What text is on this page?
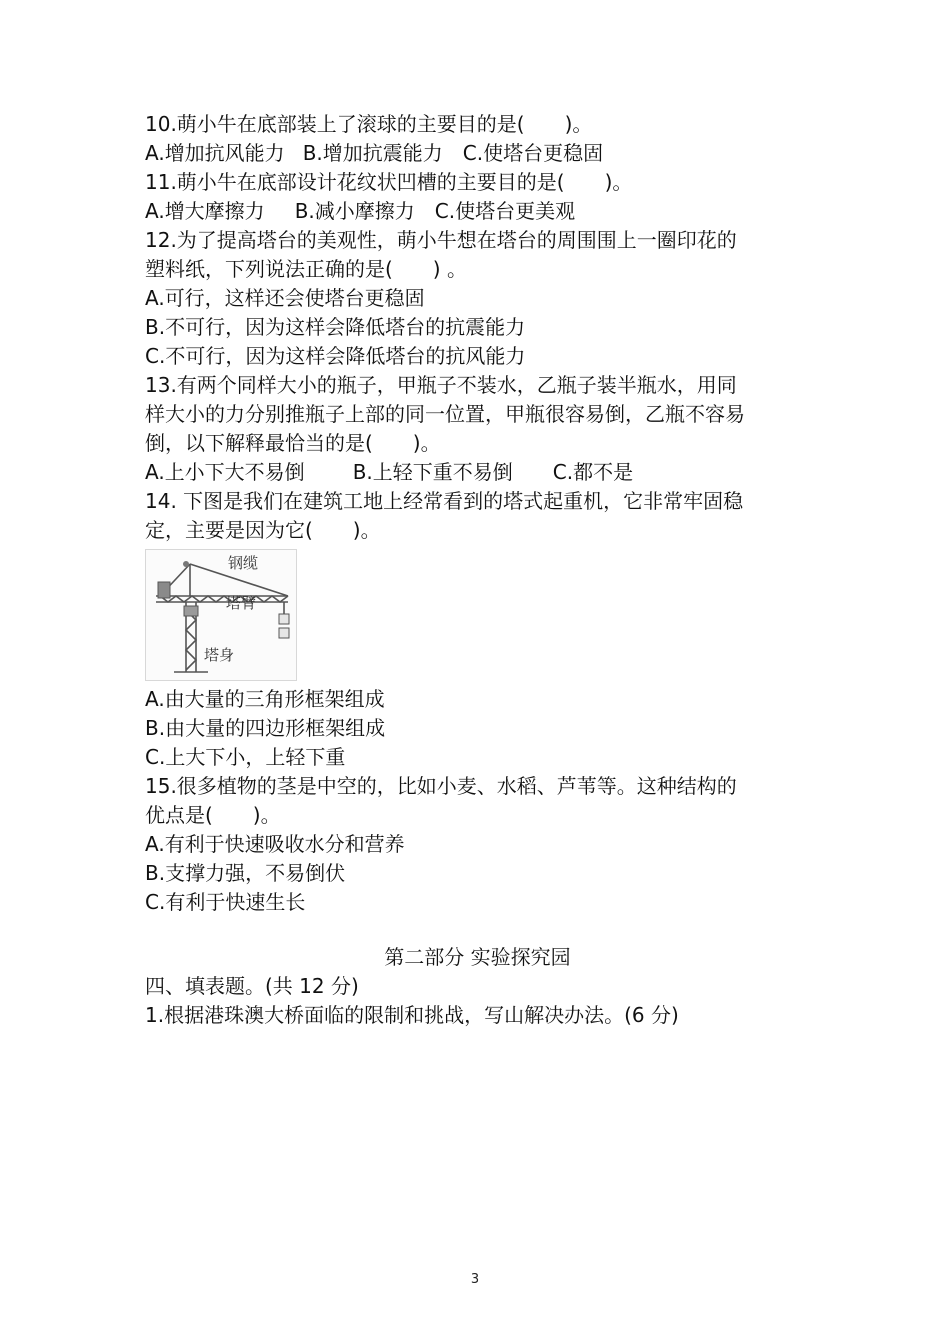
10.萌小牛在底部装上了滚球的主要目的是(　　)。
A.增加抗风能力 B.增加抗震能力 C.使塔台更稳固
11.萌小牛在底部设计花纹状凹槽的主要目的是(　　)。
A.增大摩擦力 B.减小摩擦力 C.使塔台更美观
12.为了提高塔台的美观性，萌小牛想在塔台的周围围上一圈印花的
塑料纸，下列说法正确的是(　　) 。
A.可行，这样还会使塔台更稳固
B.不可行，因为这样会降低塔台的抗震能力
C.不可行，因为这样会降低塔台的抗风能力
13.有两个同样大小的瓶子，甲瓶子不装水，乙瓶子装半瓶水，用同
样大小的力分别推瓶子上部的同一位置，甲瓶很容易倒，乙瓶不容易
倒，以下解释最恰当的是(　　)。
A.上小下大不易倒 B.上轻下重不易倒 C.都不是
14. 下图是我们在建筑工地上经常看到的塔式起重机，它非常牢固稳
定，主要是因为它(　　)。
钢缆
塔臂
塔身
A.由大量的三角形框架组成
B.由大量的四边形框架组成
C.上大下小，上轻下重
15.很多植物的茎是中空的，比如小麦、水稻、芦苇等。这种结构的
优点是(　　)。
A.有利于快速吸收水分和营养
B.支撑力强，不易倒伏
C.有利于快速生长
第二部分 实验探究园
四、填表题。(共 12 分)
1.根据港珠澳大桥面临的限制和挑战，写山解决办法。(6 分)
3
